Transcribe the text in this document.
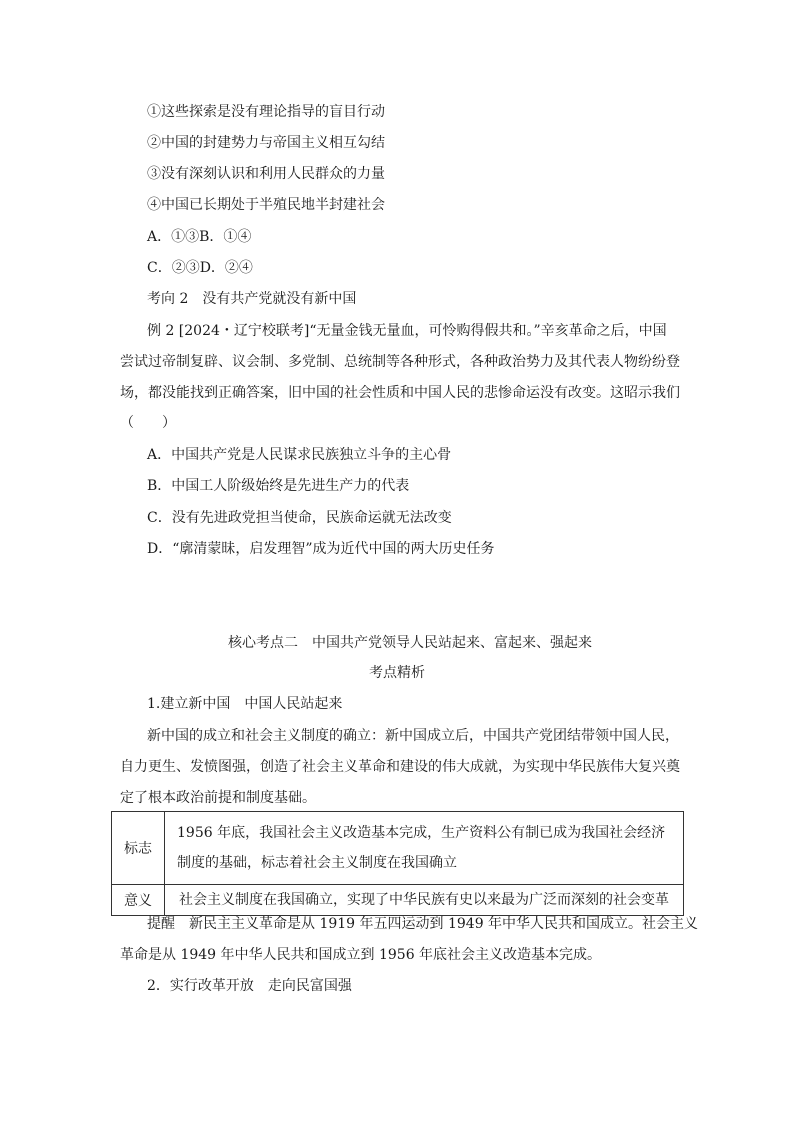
①这些探索是没有理论指导的盲目行动
②中国的封建势力与帝国主义相互勾结
③没有深刻认识和利用人民群众的力量
④中国已长期处于半殖民地半封建社会
A．①③B．①④
C．②③D．②④
考向 2　没有共产党就没有新中国
例 2 [2024・辽宁校联考]“无量金钱无量血，可怜购得假共和。”辛亥革命之后，中国
尝试过帝制复辟、议会制、多党制、总统制等各种形式，各种政治势力及其代表人物纷纷登
场，都没能找到正确答案，旧中国的社会性质和中国人民的悲惨命运没有改变。这昭示我们
（　　）
A．中国共产党是人民谋求民族独立斗争的主心骨
B．中国工人阶级始终是先进生产力的代表
C．没有先进政党担当使命，民族命运就无法改变
D．“廓清蒙昧，启发理智”成为近代中国的两大历史任务
核心考点二　中国共产党领导人民站起来、富起来、强起来
考点精析
1.建立新中国　中国人民站起来
新中国的成立和社会主义制度的确立：新中国成立后，中国共产党团结带领中国人民，
自力更生、发愤图强，创造了社会主义革命和建设的伟大成就，为实现中华民族伟大复兴奠
定了根本政治前提和制度基础。
标志	1956 年底，我国社会主义改造基本完成，生产资料公有制已成为我国社会经济制度的基础，标志着社会主义制度在我国确立
意义	社会主义制度在我国确立，实现了中华民族有史以来最为广泛而深刻的社会变革
提醒　新民主主义革命是从 1919 年五四运动到 1949 年中华人民共和国成立。社会主义
革命是从 1949 年中华人民共和国成立到 1956 年底社会主义改造基本完成。
2．实行改革开放　走向民富国强
